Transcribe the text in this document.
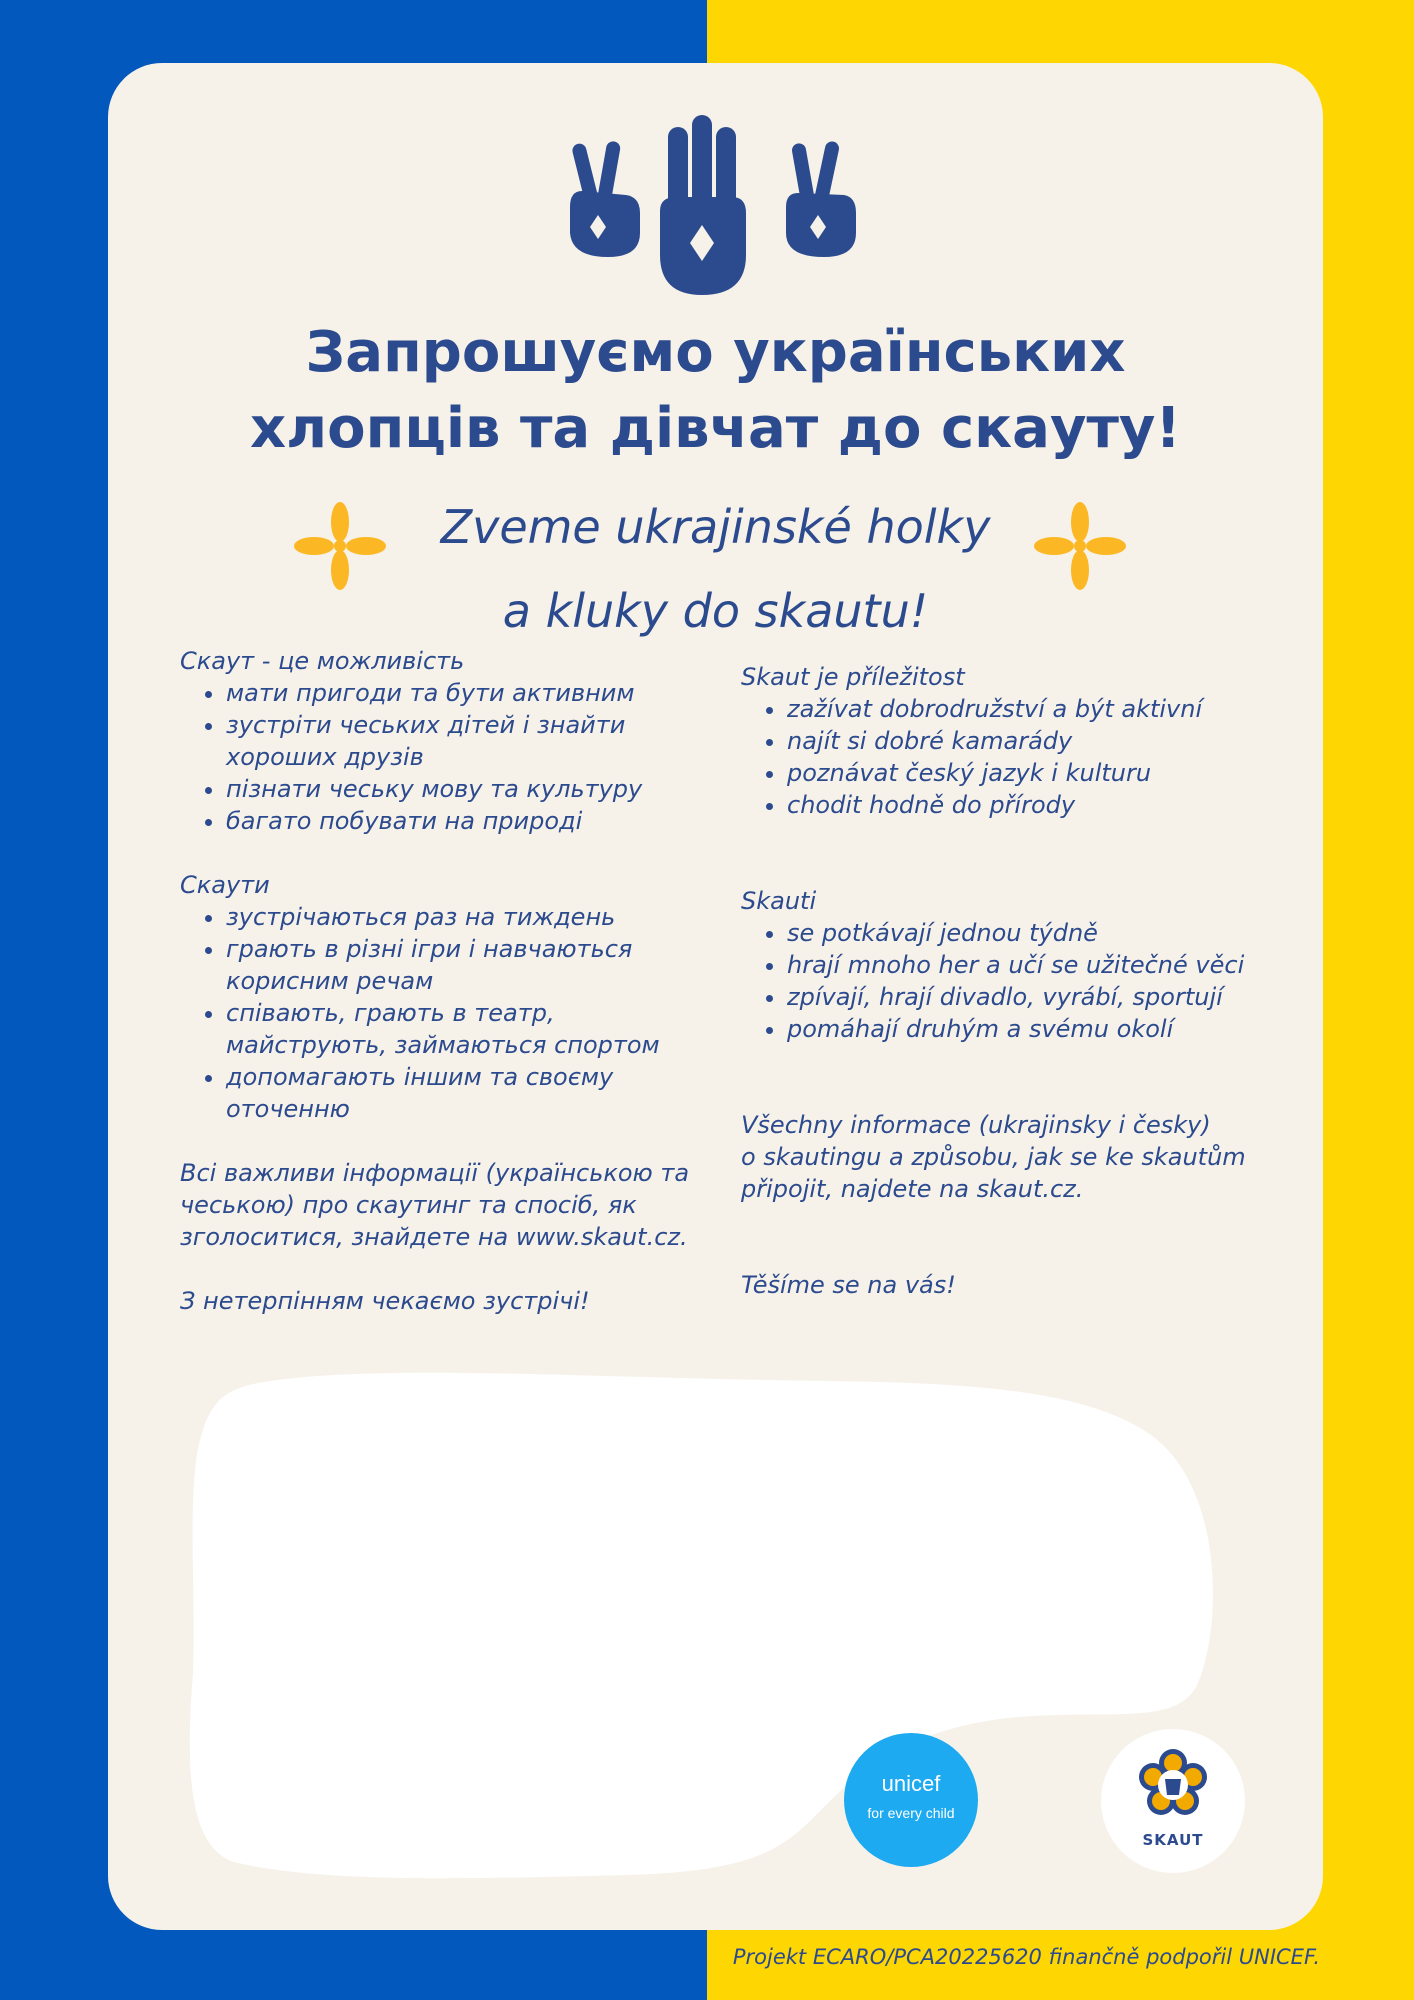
Запрошуємо українських
хлопців та дівчат до скауту!
Zveme ukrajinské holky
a kluky do skautu!

Скаут - це можливість

• мати пригоди та бути активним
• зустріти чеських дітей і знайти хороших друзів
• пізнати чеську мову та культуру
• багато побувати на природі

Скаути

• зустрічаються раз на тиждень
• грають в різні ігри і навчаються корисним речам
• співають, грають в театр, майструють, займаються спортом
• допомагають іншим та своєму оточенню

Всі важливи інформації (українською та чеською) про скаутинг та спосіб, як зголоситися, знайдете на www.skaut.cz.

З нетерпінням чекаємо зустрічі!

Skaut je příležitost

• zažívat dobrodružství a být aktivní
• najít si dobré kamarády
• poznávat český jazyk i kulturu
• chodit hodně do přírody

Skauti

• se potkávají jednou týdně
• hrají mnoho her a učí se užitečné věci
• zpívají, hrají divadlo, vyrábí, sportují
• pomáhají druhým a svému okolí

Všechny informace (ukrajinsky i česky)

o skautingu a způsobu, jak se ke skautům

připojit, najdete na skaut.cz.

Těšíme se na vás!

unicef
for every child
SKAUT
Projekt ECARO/PCA20225620 finančně podpořil UNICEF.
